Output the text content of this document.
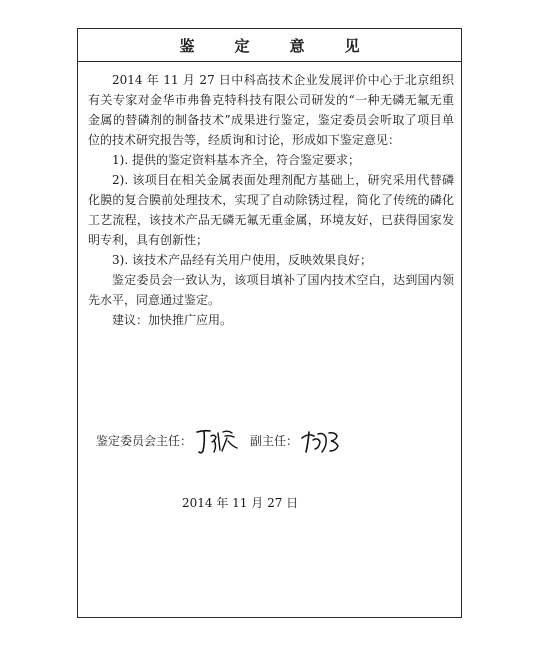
鉴定意见

2014 年 11 月 27 日中科高技术企业发展评价中心于北京组织有关专家对金华市弗鲁克特科技有限公司研发的“一种无磷无氟无重金属的替磷剂的制备技术”成果进行鉴定，鉴定委员会听取了项目单位的技术研究报告等，经质询和讨论，形成如下鉴定意见：

1). 提供的鉴定资料基本齐全，符合鉴定要求；

2). 该项目在相关金属表面处理剂配方基础上，研究采用代替磷化膜的复合膜前处理技术，实现了自动除锈过程，简化了传统的磷化工艺流程，该技术产品无磷无氟无重金属，环境友好，已获得国家发明专利，具有创新性；

3). 该技术产品经有关用户使用，反映效果良好；

鉴定委员会一致认为，该项目填补了国内技术空白，达到国内领先水平，同意通过鉴定。

建议：加快推广应用。

鉴定委员会主任：	副主任：
2014 年 11 月 27 日
